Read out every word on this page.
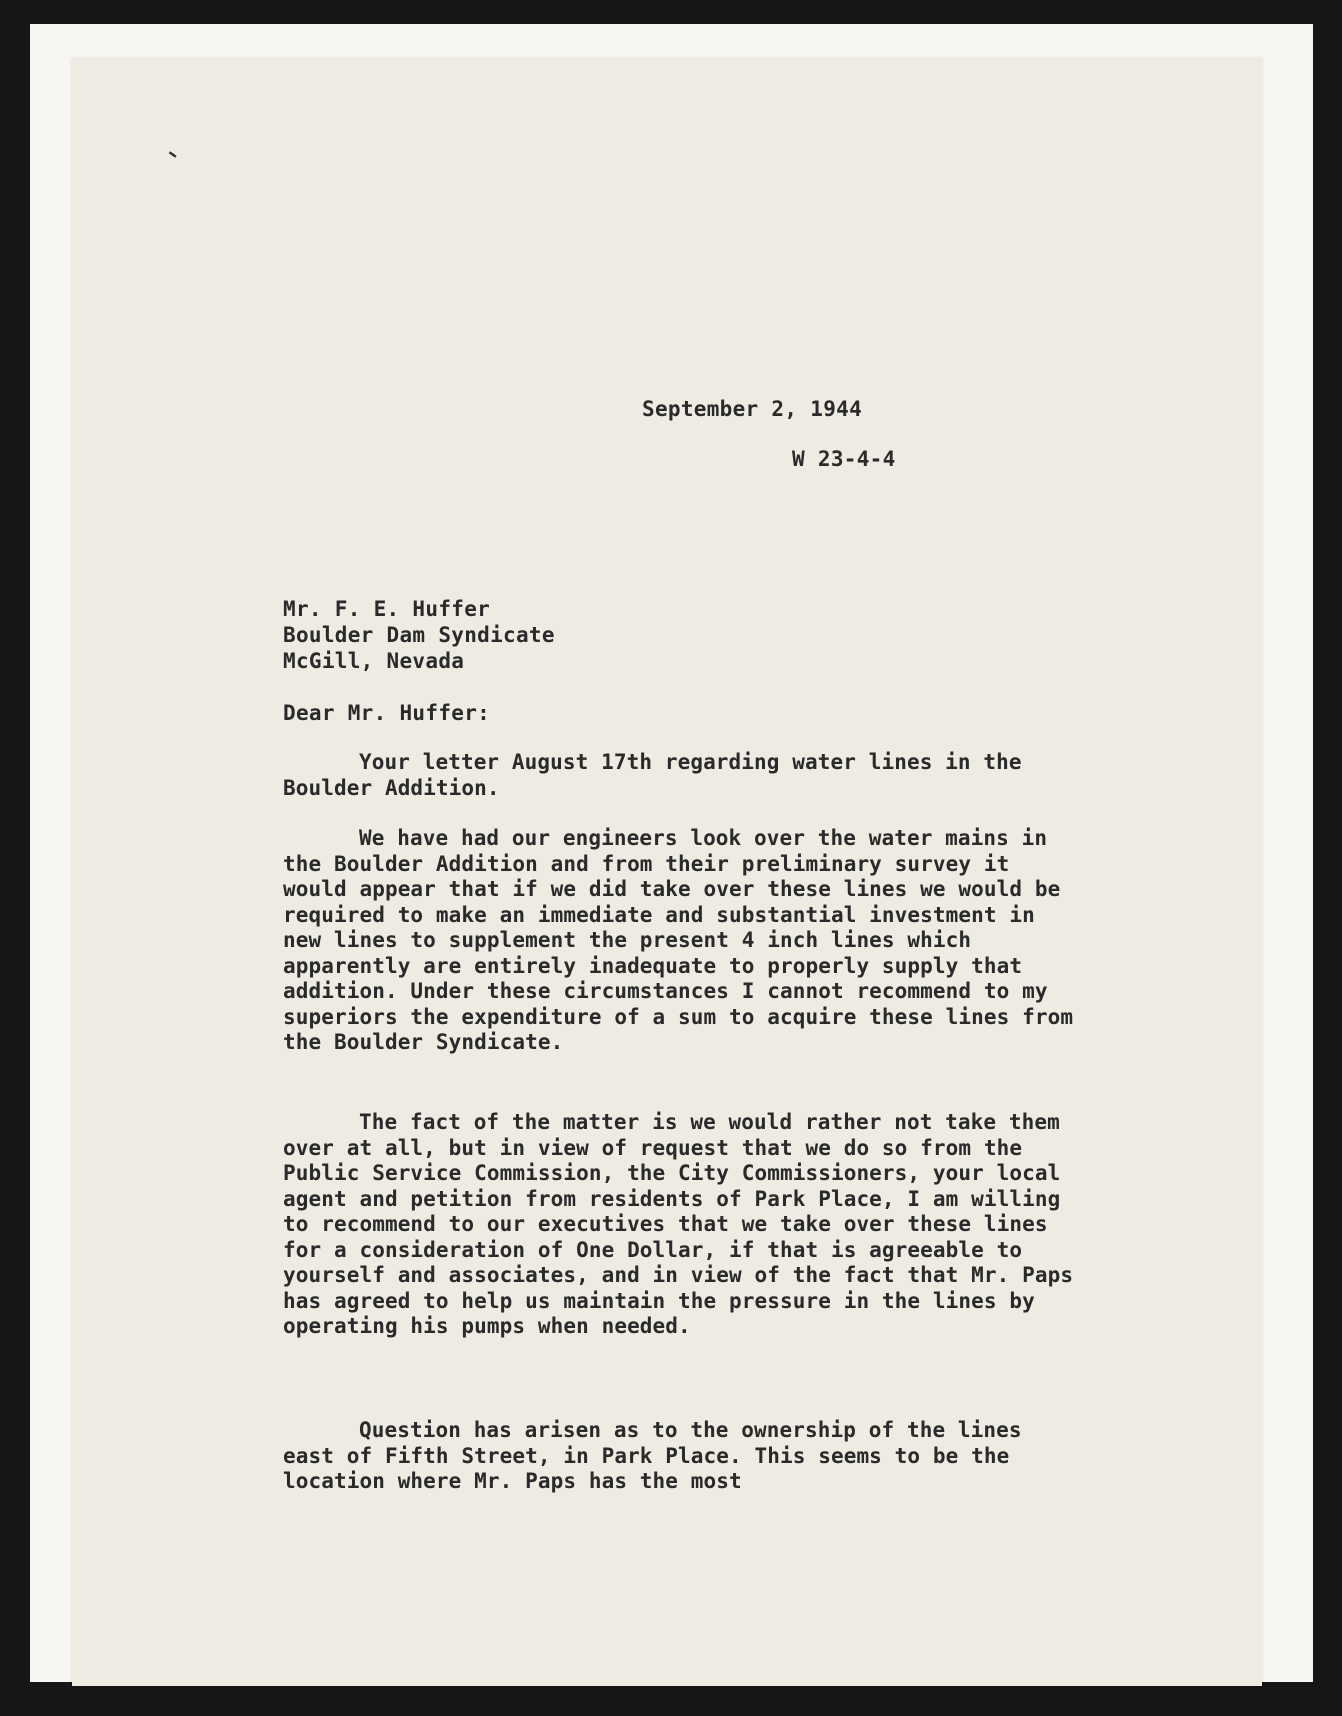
-
September 2, 1944
W 23-4-4
Mr. F. E. Huffer
Boulder Dam Syndicate
McGill, Nevada
Dear Mr. Huffer:
Your letter August 17th regarding water lines in the Boulder Addition.
We have had our engineers look over the water mains in the Boulder Addition and from their preliminary survey it would appear that if we did take over these lines we would be required to make an immediate and substantial investment in new lines to supplement the present 4 inch lines which apparently are entirely inadequate to properly supply that addition. Under these circumstances I cannot recommend to my superiors the expenditure of a sum to acquire these lines from the Boulder Syndicate.
The fact of the matter is we would rather not take them over at all, but in view of request that we do so from the Public Service Commission, the City Commissioners, your local agent and petition from residents of Park Place, I am willing to recommend to our executives that we take over these lines for a consideration of One Dollar, if that is agreeable to yourself and associates, and in view of the fact that Mr. Paps has agreed to help us maintain the pressure in the lines by operating his pumps when needed.
Question has arisen as to the ownership of the lines east of Fifth Street, in Park Place. This seems to be the location where Mr. Paps has the most
